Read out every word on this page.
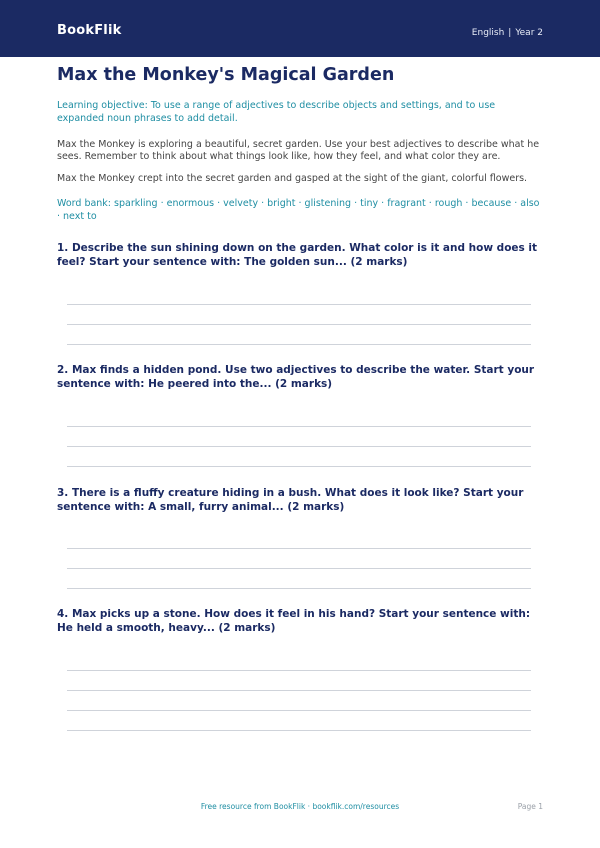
BookFlik	English | Year 2
Max the Monkey's Magical Garden
Learning objective: To use a range of adjectives to describe objects and settings, and to use expanded noun phrases to add detail.
Max the Monkey is exploring a beautiful, secret garden. Use your best adjectives to describe what he sees. Remember to think about what things look like, how they feel, and what color they are.
Max the Monkey crept into the secret garden and gasped at the sight of the giant, colorful flowers.
Word bank: sparkling · enormous · velvety · bright · glistening · tiny · fragrant · rough · because · also · next to
1. Describe the sun shining down on the garden. What color is it and how does it feel? Start your sentence with: The golden sun... (2 marks)
2. Max finds a hidden pond. Use two adjectives to describe the water. Start your sentence with: He peered into the... (2 marks)
3. There is a fluffy creature hiding in a bush. What does it look like? Start your sentence with: A small, furry animal... (2 marks)
4. Max picks up a stone. How does it feel in his hand? Start your sentence with: He held a smooth, heavy... (2 marks)
Free resource from BookFlik · bookflik.com/resources	Page 1
